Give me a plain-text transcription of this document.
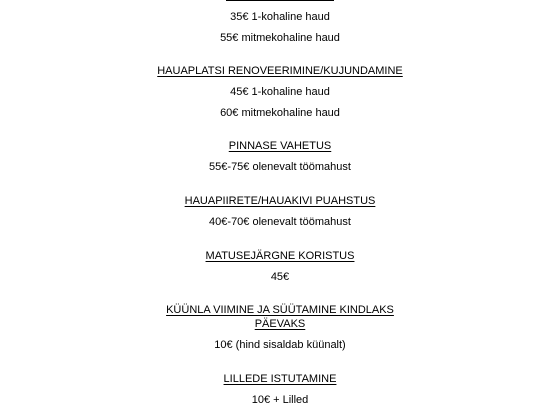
35€ 1-kohaline haud
55€ mitmekohaline haud
HAUAPLATSI RENOVEERIMINE/KUJUNDAMINE
45€ 1-kohaline haud
60€ mitmekohaline haud
PINNASE VAHETUS
55€-75€ olenevalt töömahust
HAUAPIIRETE/HAUAKIVI PUAHSTUS
40€-70€ olenevalt töömahust
MATUSEJÄRGNE KORISTUS
45€
KÜÜNLA VIIMINE JA SÜÜTAMINE KINDLAKS
PÄEVAKS
10€ (hind sisaldab küünalt)
LILLEDE ISTUTAMINE
10€ + Lilled
